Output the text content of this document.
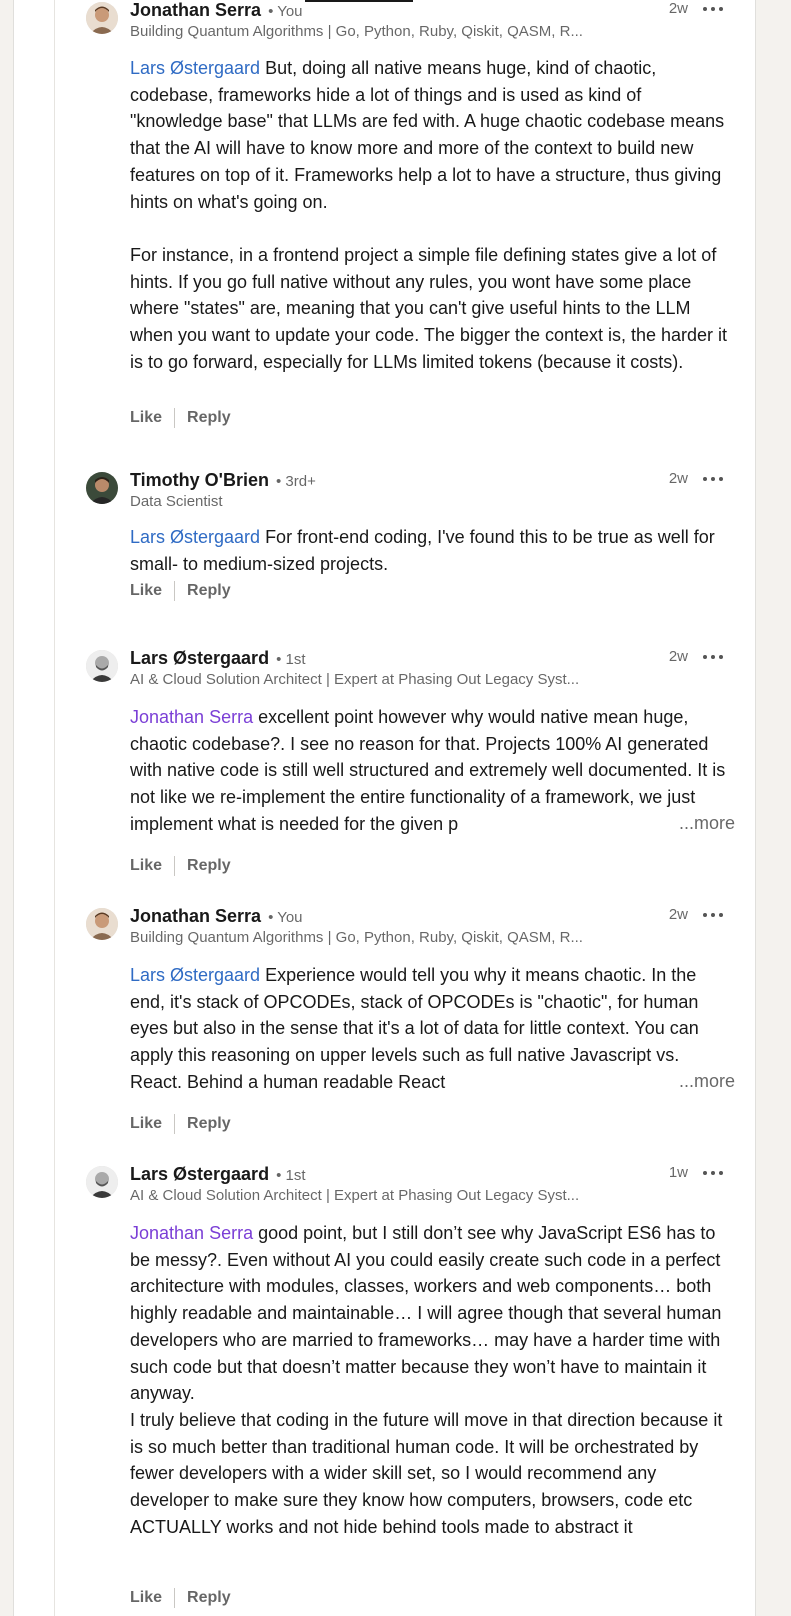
Jonathan Serra • You
Building Quantum Algorithms | Go, Python, Ruby, Qiskit, QASM, R...
2w
Lars Østergaard But, doing all native means huge, kind of chaotic, codebase, frameworks hide a lot of things and is used as kind of "knowledge base" that LLMs are fed with. A huge chaotic codebase means that the AI will have to know more and more of the context to build new features on top of it. Frameworks help a lot to have a structure, thus giving hints on what's going on.

For instance, in a frontend project a simple file defining states give a lot of hints. If you go full native without any rules, you wont have some place where "states" are, meaning that you can't give useful hints to the LLM when you want to update your code. The bigger the context is, the harder it is to go forward, especially for LLMs limited tokens (because it costs).
Like Reply
Timothy O'Brien • 3rd+
Data Scientist
2w
Lars Østergaard For front-end coding, I've found this to be true as well for small- to medium-sized projects.
Like Reply
Lars Østergaard • 1st
AI & Cloud Solution Architect | Expert at Phasing Out Legacy Syst...
2w
Jonathan Serra excellent point however why would native mean huge, chaotic codebase?. I see no reason for that. Projects 100% AI generated with native code is still well structured and extremely well documented. It is not like we re-implement the entire functionality of a framework, we just implement what is needed for the given p	...more
Like Reply
Jonathan Serra • You
Building Quantum Algorithms | Go, Python, Ruby, Qiskit, QASM, R...
2w
Lars Østergaard Experience would tell you why it means chaotic. In the end, it's stack of OPCODEs, stack of OPCODEs is "chaotic", for human eyes but also in the sense that it's a lot of data for little context. You can apply this reasoning on upper levels such as full native Javascript vs. React. Behind a human readable React	...more
Like Reply
Lars Østergaard • 1st
AI & Cloud Solution Architect | Expert at Phasing Out Legacy Syst...
1w
Jonathan Serra good point, but I still don’t see why JavaScript ES6 has to be messy?. Even without AI you could easily create such code in a perfect architecture with modules, classes, workers and web components… both highly readable and maintainable… I will agree though that several human developers who are married to frameworks… may have a harder time with such code but that doesn’t matter because they won’t have to maintain it anyway.
I truly believe that coding in the future will move in that direction because it is so much better than traditional human code. It will be orchestrated by fewer developers with a wider skill set, so I would recommend any developer to make sure they know how computers, browsers, code etc ACTUALLY works and not hide behind tools made to abstract it
Like Reply
